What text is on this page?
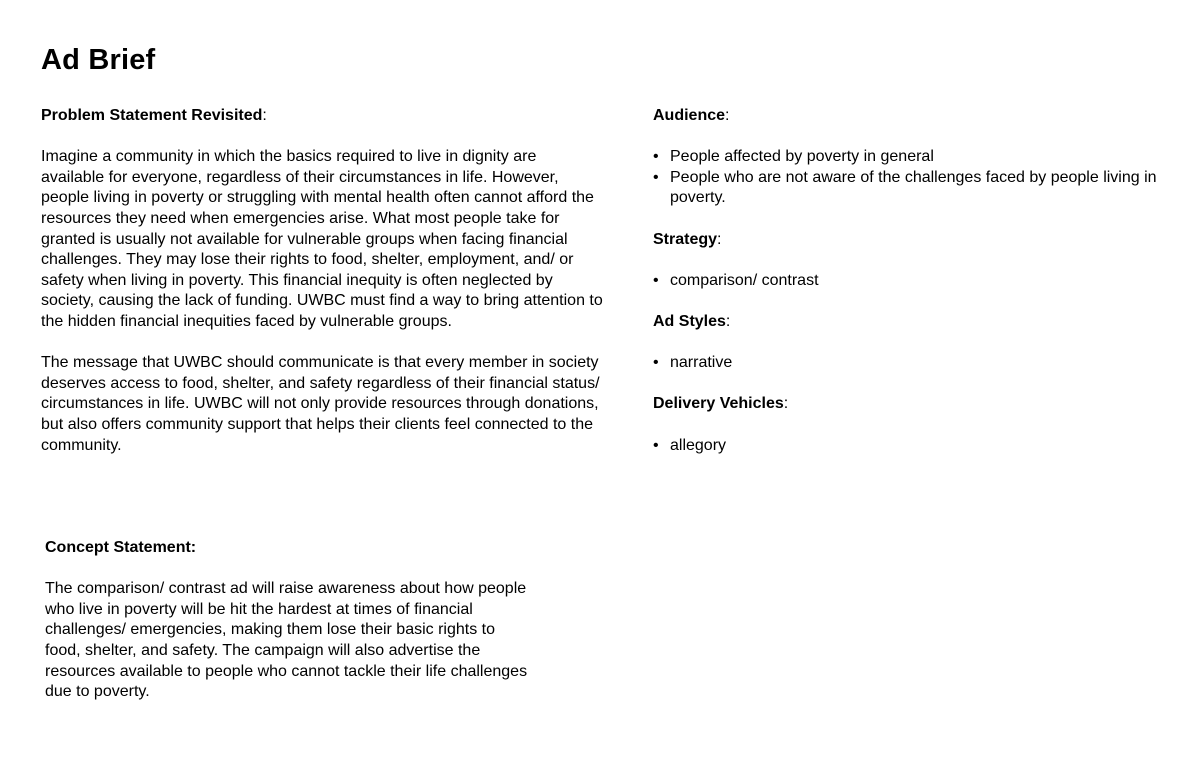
Ad Brief
Problem Statement Revisited:

Imagine a community in which the basics required to live in dignity are available for everyone, regardless of their circumstances in life. However, people living in poverty or struggling with mental health often cannot afford the resources they need when emergencies arise. What most people take for granted is usually not available for vulnerable groups when facing financial challenges. They may lose their rights to food, shelter, employment, and/ or safety when living in poverty. This financial inequity is often neglected by society, causing the lack of funding. UWBC must find a way to bring attention to the hidden financial inequities faced by vulnerable groups.

The message that UWBC should communicate is that every member in society deserves access to food, shelter, and safety regardless of their financial status/ circumstances in life. UWBC will not only provide resources through donations, but also offers community support that helps their clients feel connected to the community.

Audience:
• People affected by poverty in general
• People who are not aware of the challenges faced by people living in poverty.
Strategy:
• comparison/ contrast
Ad Styles:
• narrative
Delivery Vehicles:
• allegory
Concept Statement:

The comparison/ contrast ad will raise awareness about how people who live in poverty will be hit the hardest at times of financial challenges/ emergencies, making them lose their basic rights to food, shelter, and safety. The campaign will also advertise the resources available to people who cannot tackle their life challenges due to poverty.
